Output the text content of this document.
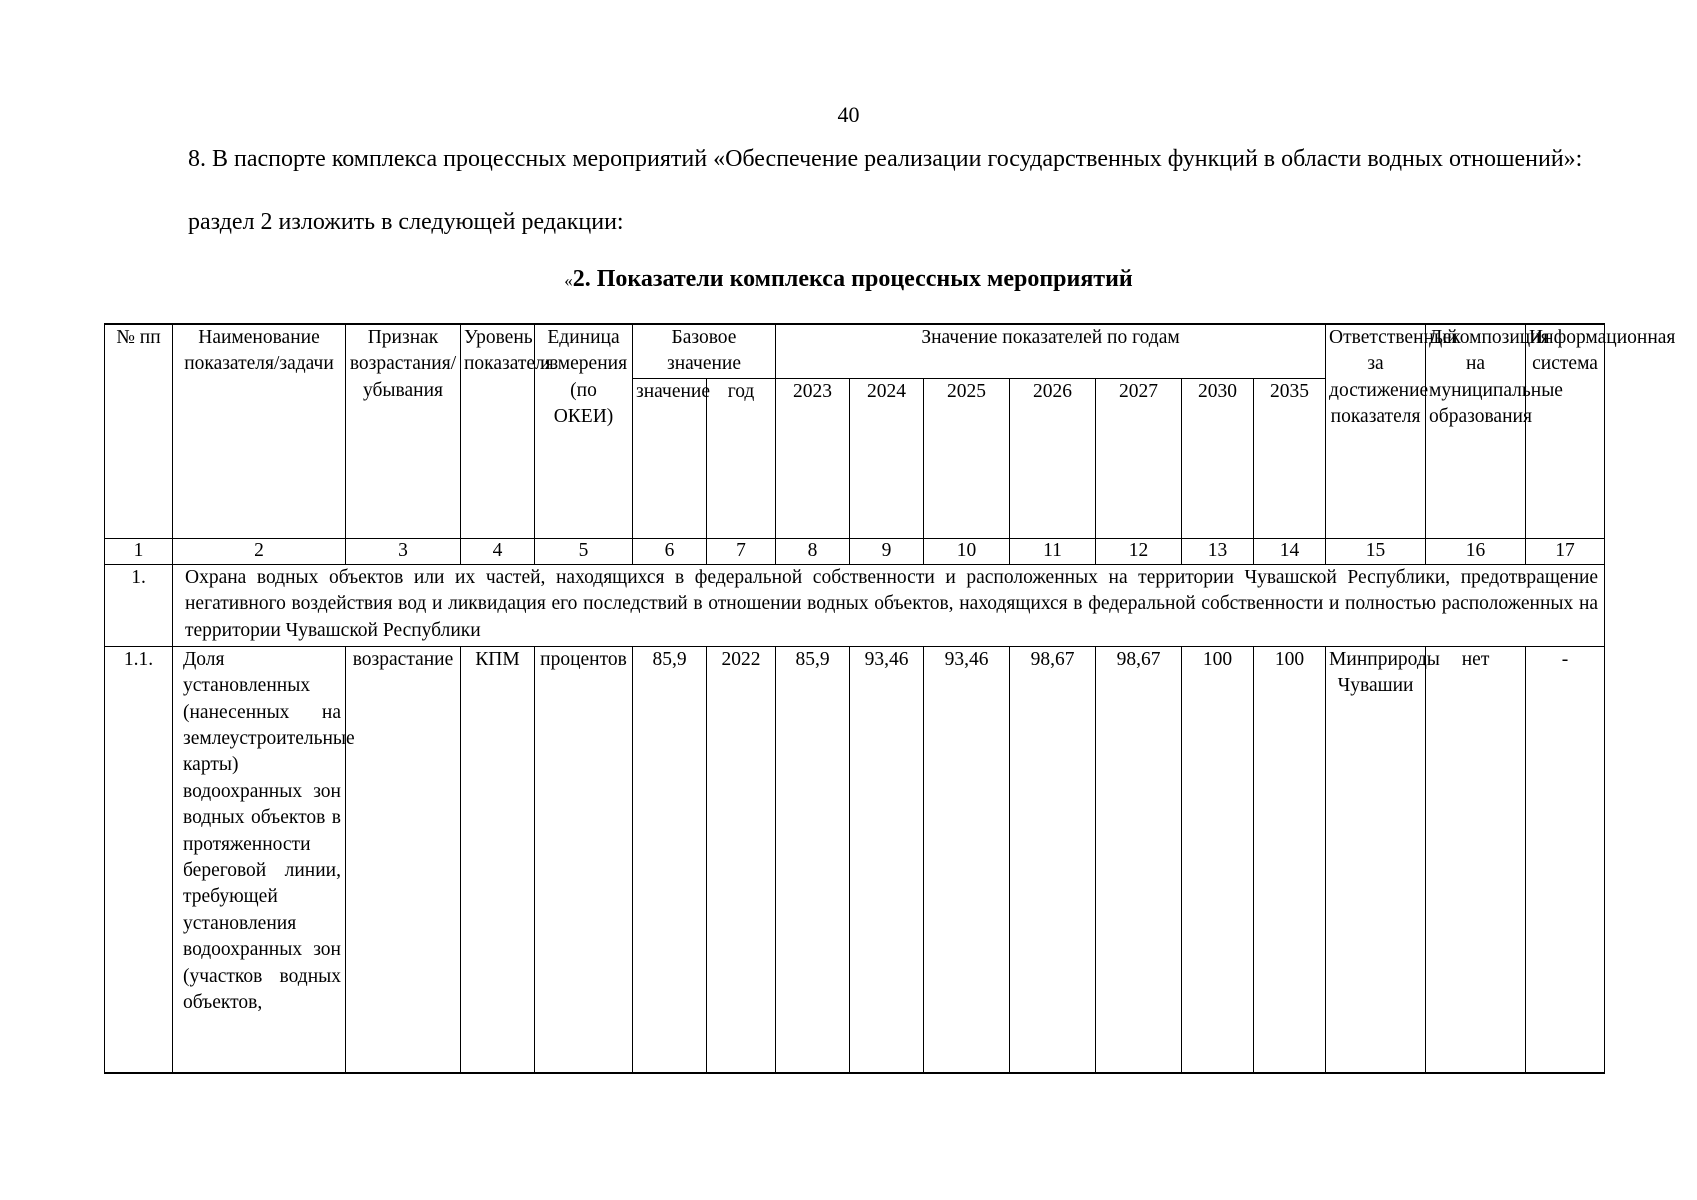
40
8. В паспорте комплекса процессных мероприятий «Обеспечение реализации государственных функций в области водных отношений»:
раздел 2 изложить в следующей редакции:
«2. Показатели комплекса процессных мероприятий
№ пп	Наименование показателя/задачи	Признак возрастания/ убывания	Уровень показателя	Единица измерения (по ОКЕИ)	Базовое значение		Значение показателей по годам							Ответственный за достижение показателя	Декомпозиция на муниципальные образования	Информационная система
					значение	год	2023	2024	2025	2026	2027	2030	2035			
1	2	3	4	5	6	7	8	9	10	11	12	13	14	15	16	17
1.	Охрана водных объектов или их частей, находящихся в федеральной собственности и расположенных на территории Чувашской Республики, предотвращение негативного воздействия вод и ликвидация его последствий в отношении водных объектов, находящихся в федеральной собственности и полностью расположенных на территории Чувашской Республики															
1.1.	Доля установленных (нанесенных на землеустроительные карты) водоохранных зон водных объектов в протяженности береговой линии, требующей установления водоохранных зон (участков водных объектов,	возрастание	КПМ	процентов	85,9	2022	85,9	93,46	93,46	98,67	98,67	100	100	Минприроды Чувашии	нет	-
